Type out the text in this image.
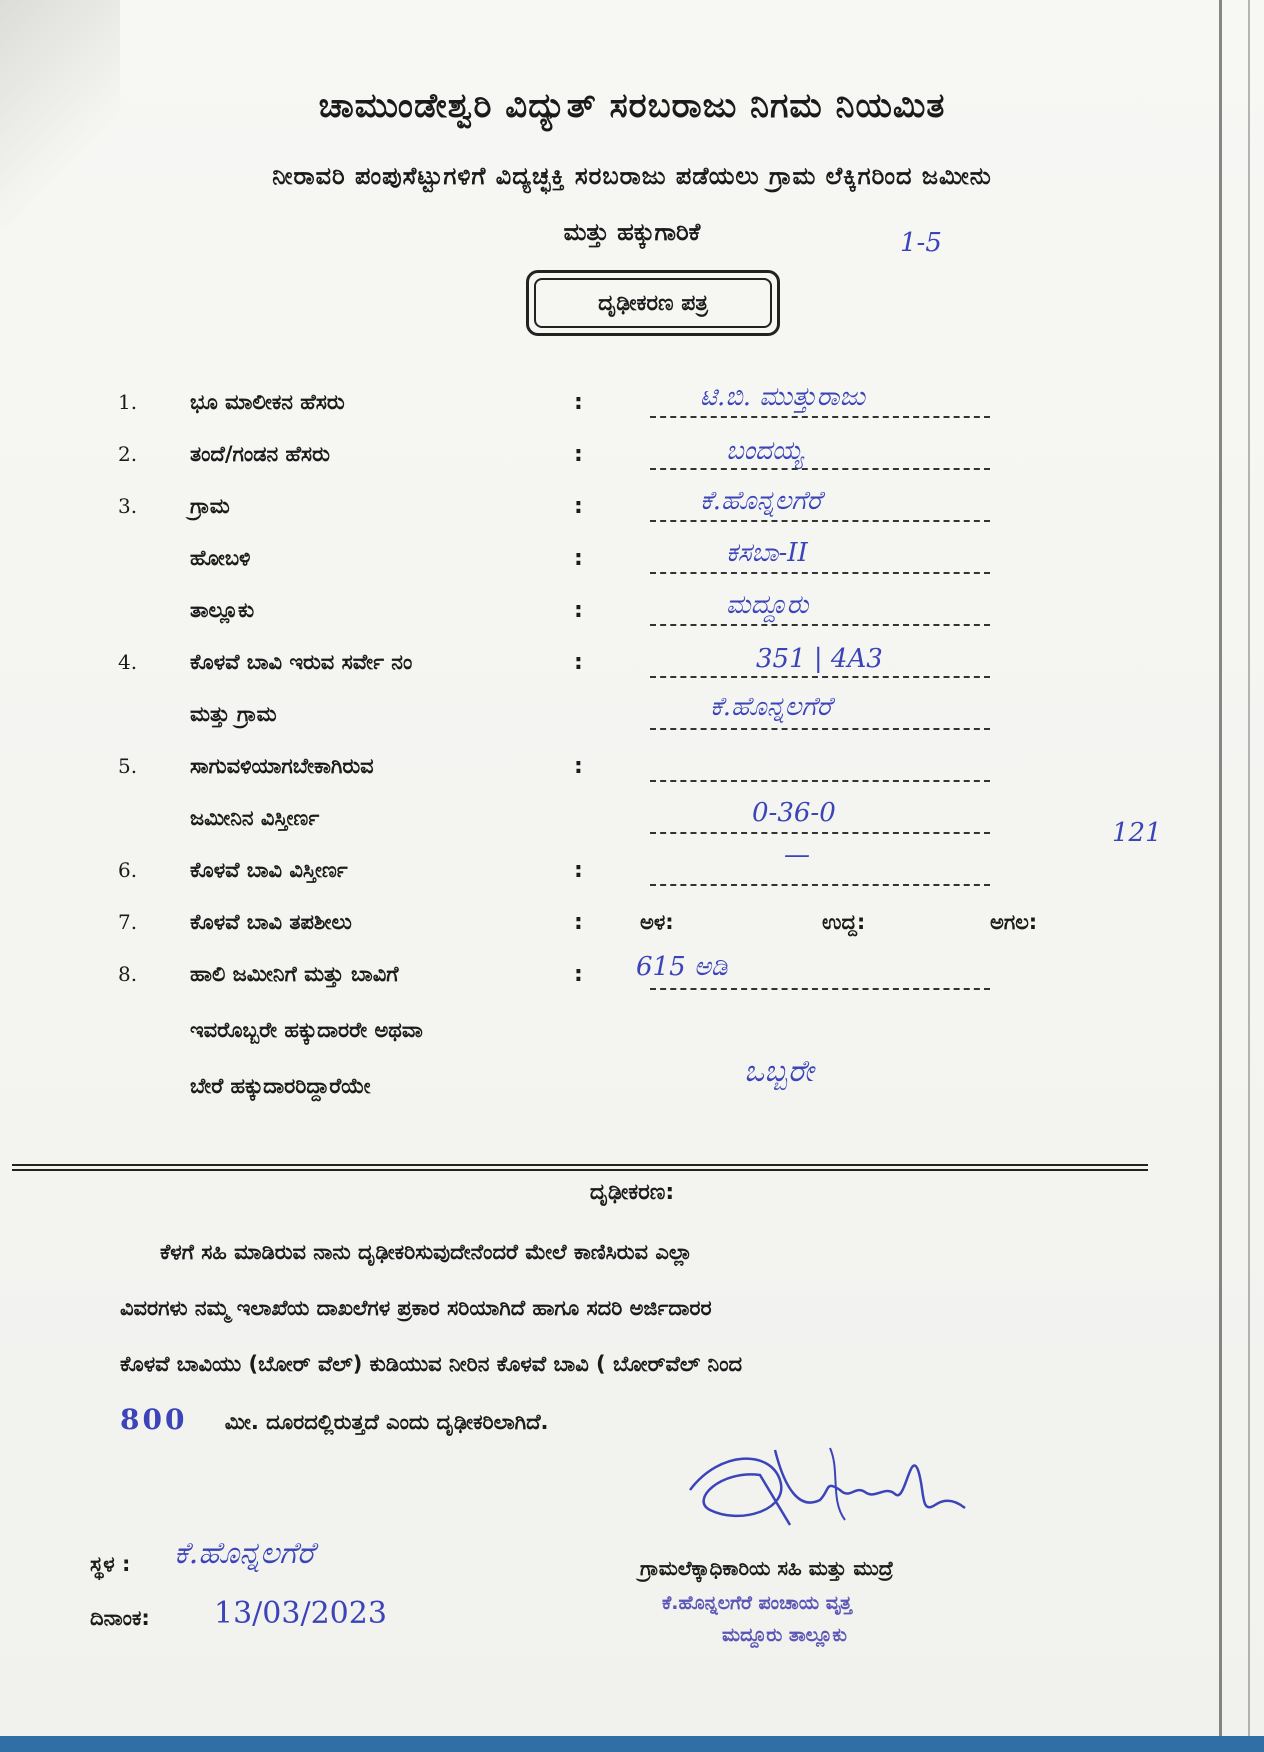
ಚಾಮುಂಡೇಶ್ವರಿ ವಿದ್ಯುತ್ ಸರಬರಾಜು ನಿಗಮ ನಿಯಮಿತ
ನೀರಾವರಿ ಪಂಪುಸೆಟ್ಟುಗಳಿಗೆ ವಿದ್ಯಚ್ಛಕ್ತಿ ಸರಬರಾಜು ಪಡೆಯಲು ಗ್ರಾಮ ಲೆಕ್ಕಿಗರಿಂದ ಜಮೀನು
ಮತ್ತು ಹಕ್ಕುಗಾರಿಕೆ	1-5
ದೃಢೀಕರಣ ಪತ್ರ
1.	ಭೂ ಮಾಲೀಕನ ಹೆಸರು	:	ಟಿ.ಬಿ. ಮುತ್ತುರಾಜು
2.	ತಂದೆ/ಗಂಡನ ಹೆಸರು	:	ಬಂದಯ್ಯ
3.	ಗ್ರಾಮ	:	ಕೆ.ಹೊನ್ನಲಗೆರೆ
ಹೋಬಳಿ	:	ಕಸಬಾ-II
ತಾಲ್ಲೂಕು	:	ಮದ್ದೂರು
4.	ಕೊಳವೆ ಬಾವಿ ಇರುವ ಸರ್ವೇ ನಂ	:	351 | 4A3
ಮತ್ತು ಗ್ರಾಮ	ಕೆ.ಹೊನ್ನಲಗೆರೆ
5.	ಸಾಗುವಳಿಯಾಗಬೇಕಾಗಿರುವ	:
ಜಮೀನಿನ ವಿಸ್ತೀರ್ಣ	0-36-0
121
6.	ಕೊಳವೆ ಬಾವಿ ವಿಸ್ತೀರ್ಣ	:
—
7.	ಕೊಳವೆ ಬಾವಿ ತಪಶೀಲು	:	ಅಳ:	ಉದ್ದ:	ಅಗಲ:
8.	ಹಾಲಿ ಜಮೀನಿಗೆ ಮತ್ತು ಬಾವಿಗೆ	: 615 ಅಡಿ
ಇವರೊಬ್ಬರೇ ಹಕ್ಕುದಾರರೇ ಅಥವಾ
ಬೇರೆ ಹಕ್ಕುದಾರರಿದ್ದಾರೆಯೇ	ಒಬ್ಬರೇ
ದೃಢೀಕರಣ:
ಕೆಳಗೆ ಸಹಿ ಮಾಡಿರುವ ನಾನು ದೃಢೀಕರಿಸುವುದೇನೆಂದರೆ ಮೇಲೆ ಕಾಣಿಸಿರುವ ಎಲ್ಲಾ
ವಿವರಗಳು ನಮ್ಮ ಇಲಾಖೆಯ ದಾಖಲೆಗಳ ಪ್ರಕಾರ ಸರಿಯಾಗಿದೆ ಹಾಗೂ ಸದರಿ ಅರ್ಜಿದಾರರ
ಕೊಳವೆ ಬಾವಿಯು (ಬೋರ್ ವೆಲ್) ಕುಡಿಯುವ ನೀರಿನ ಕೊಳವೆ ಬಾವಿ ( ಬೋರ್‌ವೆಲ್ ನಿಂದ
800 ಮೀ. ದೂರದಲ್ಲಿರುತ್ತದೆ ಎಂದು ದೃಢೀಕರಿಲಾಗಿದೆ.
ಗ್ರಾಮಲೆಕ್ಕಾಧಿಕಾರಿಯ ಸಹಿ ಮತ್ತು ಮುದ್ರೆ
ಕೆ.ಹೊನ್ನಲಗೆರೆ ಪಂಚಾಯ ವೃತ್ತ
ಮದ್ದೂರು ತಾಲ್ಲೂಕು
ಸ್ಥಳ : ಕೆ.ಹೊನ್ನಲಗೆರೆ
ದಿನಾಂಕ: 13/03/2023
